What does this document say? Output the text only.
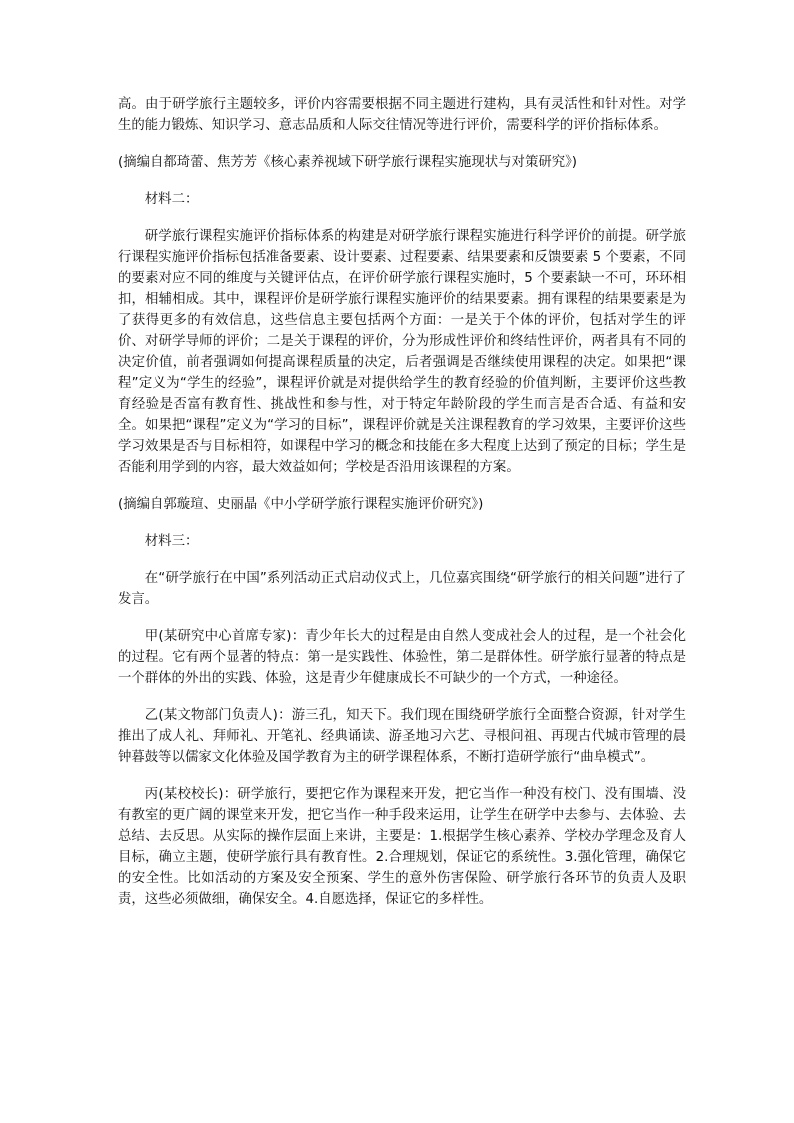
高。由于研学旅行主题较多，评价内容需要根据不同主题进行建构，具有灵活性和针对性。对学生的能力锻炼、知识学习、意志品质和人际交往情况等进行评价，需要科学的评价指标体系。

(摘编自都琦蕾、焦芳芳《核心素养视域下研学旅行课程实施现状与对策研究》)

材料二：

研学旅行课程实施评价指标体系的构建是对研学旅行课程实施进行科学评价的前提。研学旅行课程实施评价指标包括准备要素、设计要素、过程要素、结果要素和反馈要素 5 个要素，不同的要素对应不同的维度与关键评估点，在评价研学旅行课程实施时，5 个要素缺一不可，环环相扣，相辅相成。其中，课程评价是研学旅行课程实施评价的结果要素。拥有课程的结果要素是为了获得更多的有效信息，这些信息主要包括两个方面：一是关于个体的评价，包括对学生的评价、对研学导师的评价；二是关于课程的评价，分为形成性评价和终结性评价，两者具有不同的决定价值，前者强调如何提高课程质量的决定，后者强调是否继续使用课程的决定。如果把“课程”定义为“学生的经验”，课程评价就是对提供给学生的教育经验的价值判断，主要评价这些教育经验是否富有教育性、挑战性和参与性，对于特定年龄阶段的学生而言是否合适、有益和安全。如果把“课程”定义为“学习的目标”，课程评价就是关注课程教育的学习效果，主要评价这些学习效果是否与目标相符，如课程中学习的概念和技能在多大程度上达到了预定的目标；学生是否能利用学到的内容，最大效益如何；学校是否沿用该课程的方案。

(摘编自郭璇瑄、史丽晶《中小学研学旅行课程实施评价研究》)

材料三：

在“研学旅行在中国”系列活动正式启动仪式上，几位嘉宾围绕“研学旅行的相关问题”进行了发言。

甲(某研究中心首席专家)：青少年长大的过程是由自然人变成社会人的过程，是一个社会化的过程。它有两个显著的特点：第一是实践性、体验性，第二是群体性。研学旅行显著的特点是一个群体的外出的实践、体验，这是青少年健康成长不可缺少的一个方式，一种途径。

乙(某文物部门负责人)：游三孔，知天下。我们现在围绕研学旅行全面整合资源，针对学生推出了成人礼、拜师礼、开笔礼、经典诵读、游圣地习六艺、寻根问祖、再现古代城市管理的晨钟暮鼓等以儒家文化体验及国学教育为主的研学课程体系，不断打造研学旅行“曲阜模式”。

丙(某校校长)：研学旅行，要把它作为课程来开发，把它当作一种没有校门、没有围墙、没有教室的更广阔的课堂来开发，把它当作一种手段来运用，让学生在研学中去参与、去体验、去总结、去反思。从实际的操作层面上来讲，主要是：1.根据学生核心素养、学校办学理念及育人目标，确立主题，使研学旅行具有教育性。2.合理规划，保证它的系统性。3.强化管理，确保它的安全性。比如活动的方案及安全预案、学生的意外伤害保险、研学旅行各环节的负责人及职责，这些必须做细，确保安全。4.自愿选择，保证它的多样性。
